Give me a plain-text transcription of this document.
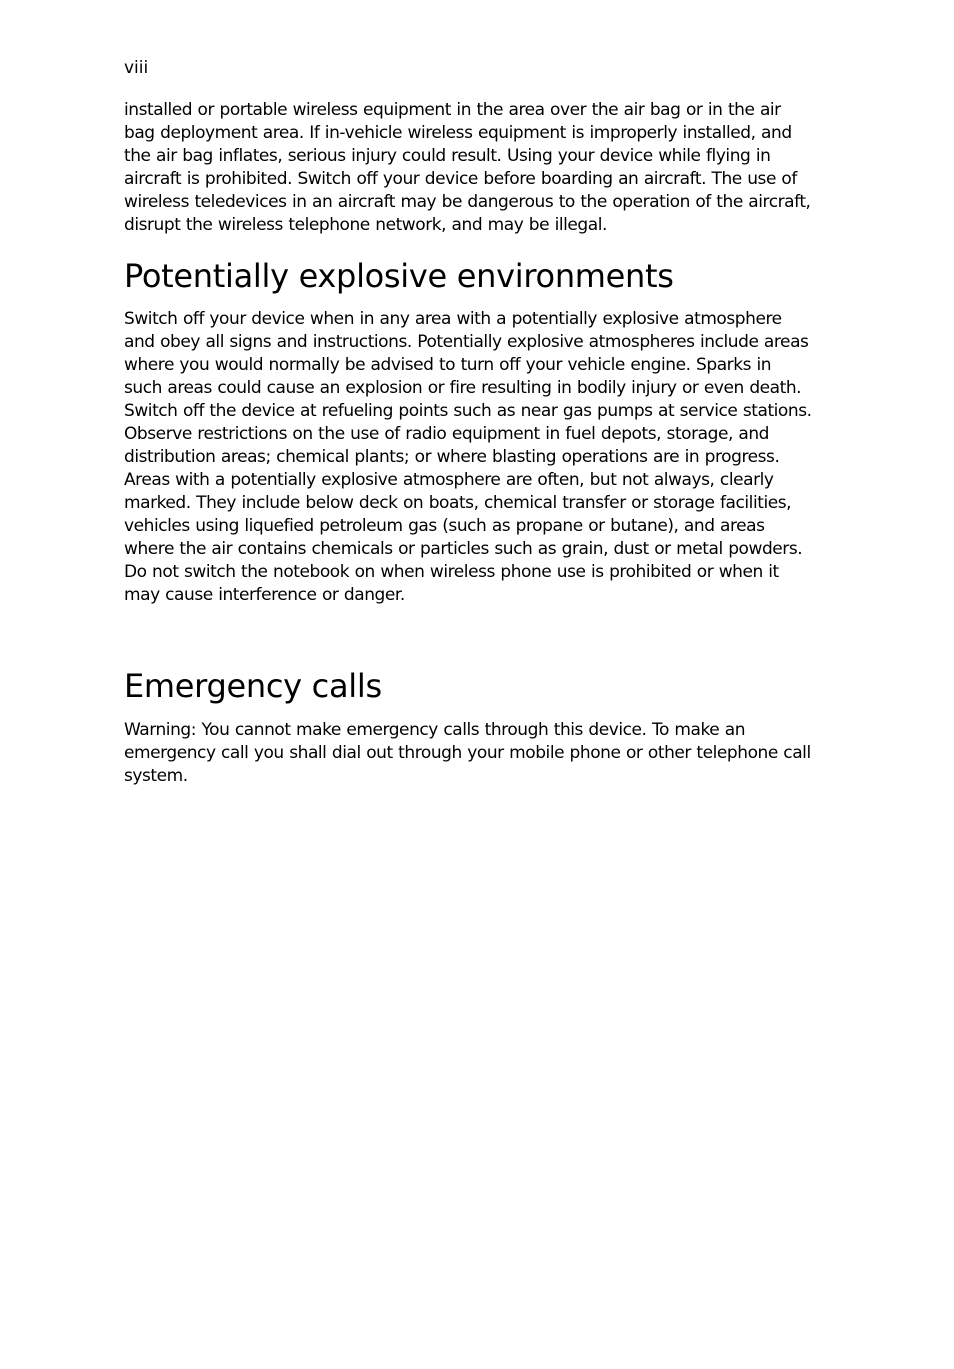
viii

installed or portable wireless equipment in the area over the air bag or in the air bag deployment area. If in-vehicle wireless equipment is improperly installed, and the air bag inflates, serious injury could result. Using your device while flying in aircraft is prohibited. Switch off your device before boarding an aircraft. The use of wireless teledevices in an aircraft may be dangerous to the operation of the aircraft, disrupt the wireless telephone network, and may be illegal.

Potentially explosive environments

Switch off your device when in any area with a potentially explosive atmosphere and obey all signs and instructions. Potentially explosive atmospheres include areas where you would normally be advised to turn off your vehicle engine. Sparks in such areas could cause an explosion or fire resulting in bodily injury or even death. Switch off the device at refueling points such as near gas pumps at service stations. Observe restrictions on the use of radio equipment in fuel depots, storage, and distribution areas; chemical plants; or where blasting operations are in progress. Areas with a potentially explosive atmosphere are often, but not always, clearly marked. They include below deck on boats, chemical transfer or storage facilities, vehicles using liquefied petroleum gas (such as propane or butane), and areas where the air contains chemicals or particles such as grain, dust or metal powders. Do not switch the notebook on when wireless phone use is prohibited or when it may cause interference or danger.

Emergency calls

Warning: You cannot make emergency calls through this device. To make an emergency call you shall dial out through your mobile phone or other telephone call system.
